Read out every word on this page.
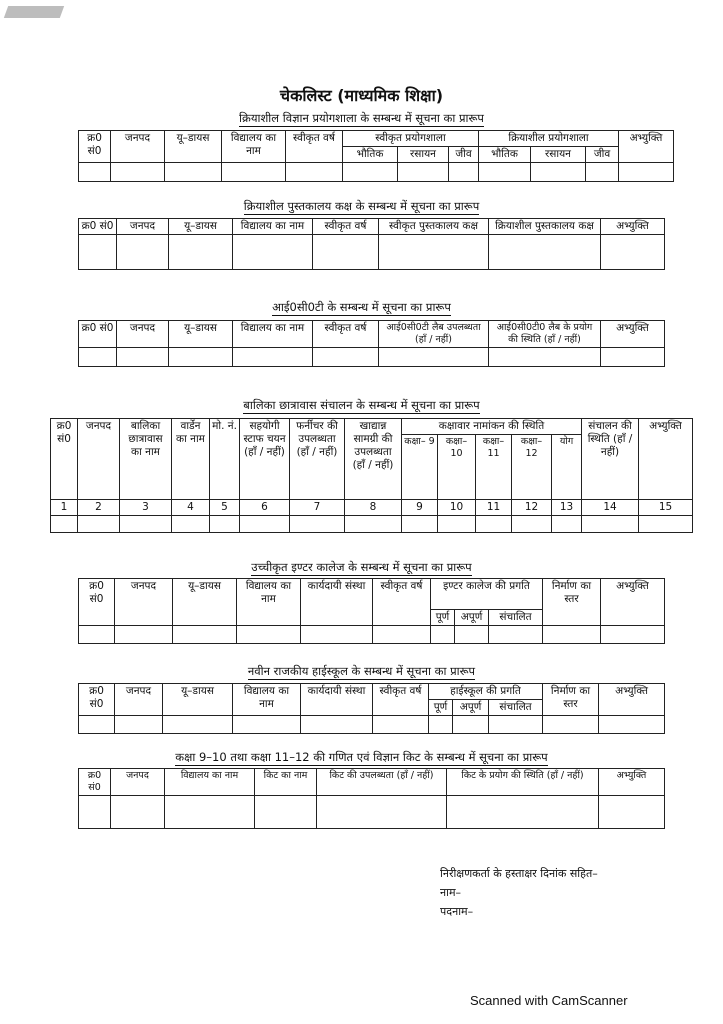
चेकलिस्ट (माध्यमिक शिक्षा)
क्रियाशील विज्ञान प्रयोगशाला के सम्बन्ध में सूचना का प्रारूप
क्र0 सं0	जनपद	यू–डायस	विद्यालय का नाम	स्वीकृत वर्ष	स्वीकृत प्रयोगशाला			क्रियाशील प्रयोगशाला			अभ्युक्ति
					भौतिक	रसायन	जीव	भौतिक	रसायन	जीव	

क्रियाशील पुस्तकालय कक्ष के सम्बन्ध में सूचना का प्रारूप
क्र0 सं0	जनपद	यू–डायस	विद्यालय का नाम	स्वीकृत वर्ष	स्वीकृत पुस्तकालय कक्ष	क्रियाशील पुस्तकालय कक्ष	अभ्युक्ति

आई0सी0टी के सम्बन्ध में सूचना का प्रारूप
क्र0 सं0	जनपद	यू–डायस	विद्यालय का नाम	स्वीकृत वर्ष	आई0सी0टी लैब उपलब्धता (हाँ / नहीं)	आई0सी0टी0 लैब के प्रयोग की स्थिति (हाँ / नहीं)	अभ्युक्ति

बालिका छात्रावास संचालन के सम्बन्ध में सूचना का प्रारूप
क्र0 सं0	जनपद	बालिका छात्रावास का नाम	वार्डेन का नाम	मो. नं.	सहयोगी स्टाफ चयन (हाँ / नहीं)	फर्नीचर की उपलब्धता (हाँ / नहीं)	खाद्यान्न सामग्री की उपलब्धता (हाँ / नहीं)	कक्षावार नामांकन की स्थिति					संचालन की स्थिति (हाँ / नहीं)	अभ्युक्ति
								कक्षा– 9	कक्षा– 10	कक्षा– 11	कक्षा– 12	योग		
1	2	3	4	5	6	7	8	9	10	11	12	13	14	15

उच्चीकृत इण्टर कालेज के सम्बन्ध में सूचना का प्रारूप
क्र0 सं0	जनपद	यू–डायस	विद्यालय का नाम	कार्यदायी संस्था	स्वीकृत वर्ष	इण्टर कालेज की प्रगति			निर्माण का स्तर	अभ्युक्ति
						पूर्ण	अपूर्ण	संचालित		

नवीन राजकीय हाईस्कूल के सम्बन्ध में सूचना का प्रारूप
क्र0 सं0	जनपद	यू–डायस	विद्यालय का नाम	कार्यदायी संस्था	स्वीकृत वर्ष	हाईस्कूल की प्रगति			निर्माण का स्तर	अभ्युक्ति
						पूर्ण	अपूर्ण	संचालित		

कक्षा 9–10 तथा कक्षा 11–12 की गणित एवं विज्ञान किट के सम्बन्ध में सूचना का प्रारूप
क्र0 सं0	जनपद	विद्यालय का नाम	किट का नाम	किट की उपलब्धता (हाँ / नहीं)	किट के प्रयोग की स्थिति (हाँ / नहीं)	अभ्युक्ति

निरीक्षणकर्ता के हस्ताक्षर दिनांक सहित–
नाम–
पदनाम–
Scanned with CamScanner
